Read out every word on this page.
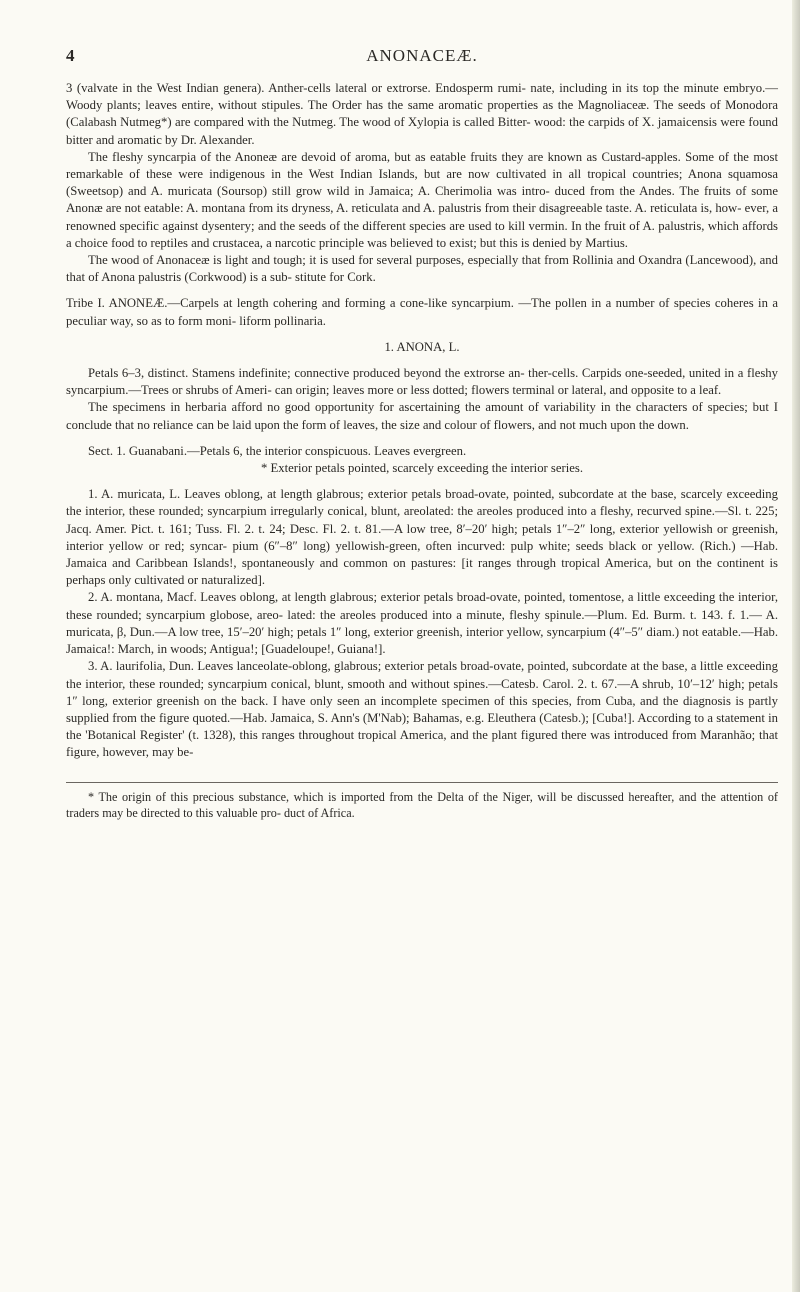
4	ANONACEÆ.

3 (valvate in the West Indian genera). Anther-cells lateral or extrorse. Endosperm rumi- nate, including in its top the minute embryo.—Woody plants; leaves entire, without stipules. The Order has the same aromatic properties as the Magnoliaceæ. The seeds of Monodora (Calabash Nutmeg*) are compared with the Nutmeg. The wood of Xylopia is called Bitter- wood: the carpids of X. jamaicensis were found bitter and aromatic by Dr. Alexander.

The fleshy syncarpia of the Anoneæ are devoid of aroma, but as eatable fruits they are known as Custard-apples. Some of the most remarkable of these were indigenous in the West Indian Islands, but are now cultivated in all tropical countries; Anona squamosa (Sweetsop) and A. muricata (Soursop) still grow wild in Jamaica; A. Cherimolia was intro- duced from the Andes. The fruits of some Anonæ are not eatable: A. montana from its dryness, A. reticulata and A. palustris from their disagreeable taste. A. reticulata is, how- ever, a renowned specific against dysentery; and the seeds of the different species are used to kill vermin. In the fruit of A. palustris, which affords a choice food to reptiles and crustacea, a narcotic principle was believed to exist; but this is denied by Martius.

The wood of Anonaceæ is light and tough; it is used for several purposes, especially that from Rollinia and Oxandra (Lancewood), and that of Anona palustris (Corkwood) is a sub- stitute for Cork.

Tribe I. ANONEÆ.—Carpels at length cohering and forming a cone-like syncarpium. —The pollen in a number of species coheres in a peculiar way, so as to form moni- liform pollinaria.

1. ANONA, L.

Petals 6–3, distinct. Stamens indefinite; connective produced beyond the extrorse an- ther-cells. Carpids one-seeded, united in a fleshy syncarpium.—Trees or shrubs of Ameri- can origin; leaves more or less dotted; flowers terminal or lateral, and opposite to a leaf.

The specimens in herbaria afford no good opportunity for ascertaining the amount of variability in the characters of species; but I conclude that no reliance can be laid upon the form of leaves, the size and colour of flowers, and not much upon the down.

Sect. 1. Guanabani.—Petals 6, the interior conspicuous. Leaves evergreen.

* Exterior petals pointed, scarcely exceeding the interior series.

1. A. muricata, L. Leaves oblong, at length glabrous; exterior petals broad-ovate, pointed, subcordate at the base, scarcely exceeding the interior, these rounded; syncarpium irregularly conical, blunt, areolated: the areoles produced into a fleshy, recurved spine.—Sl. t. 225; Jacq. Amer. Pict. t. 161; Tuss. Fl. 2. t. 24; Desc. Fl. 2. t. 81.—A low tree, 8′–20′ high; petals 1″–2″ long, exterior yellowish or greenish, interior yellow or red; syncar- pium (6″–8″ long) yellowish-green, often incurved: pulp white; seeds black or yellow. (Rich.) —Hab. Jamaica and Caribbean Islands!, spontaneously and common on pastures: [it ranges through tropical America, but on the continent is perhaps only cultivated or naturalized].

2. A. montana, Macf. Leaves oblong, at length glabrous; exterior petals broad-ovate, pointed, tomentose, a little exceeding the interior, these rounded; syncarpium globose, areo- lated: the areoles produced into a minute, fleshy spinule.—Plum. Ed. Burm. t. 143. f. 1.— A. muricata, β, Dun.—A low tree, 15′–20′ high; petals 1″ long, exterior greenish, interior yellow, syncarpium (4″–5″ diam.) not eatable.—Hab. Jamaica!: March, in woods; Antigua!; [Guadeloupe!, Guiana!].

3. A. laurifolia, Dun. Leaves lanceolate-oblong, glabrous; exterior petals broad-ovate, pointed, subcordate at the base, a little exceeding the interior, these rounded; syncarpium conical, blunt, smooth and without spines.—Catesb. Carol. 2. t. 67.—A shrub, 10′–12′ high; petals 1″ long, exterior greenish on the back. I have only seen an incomplete specimen of this species, from Cuba, and the diagnosis is partly supplied from the figure quoted.—Hab. Jamaica, S. Ann's (M'Nab); Bahamas, e.g. Eleuthera (Catesb.); [Cuba!]. According to a statement in the 'Botanical Register' (t. 1328), this ranges throughout tropical America, and the plant figured there was introduced from Maranhão; that figure, however, may be-

* The origin of this precious substance, which is imported from the Delta of the Niger, will be discussed hereafter, and the attention of traders may be directed to this valuable pro- duct of Africa.
